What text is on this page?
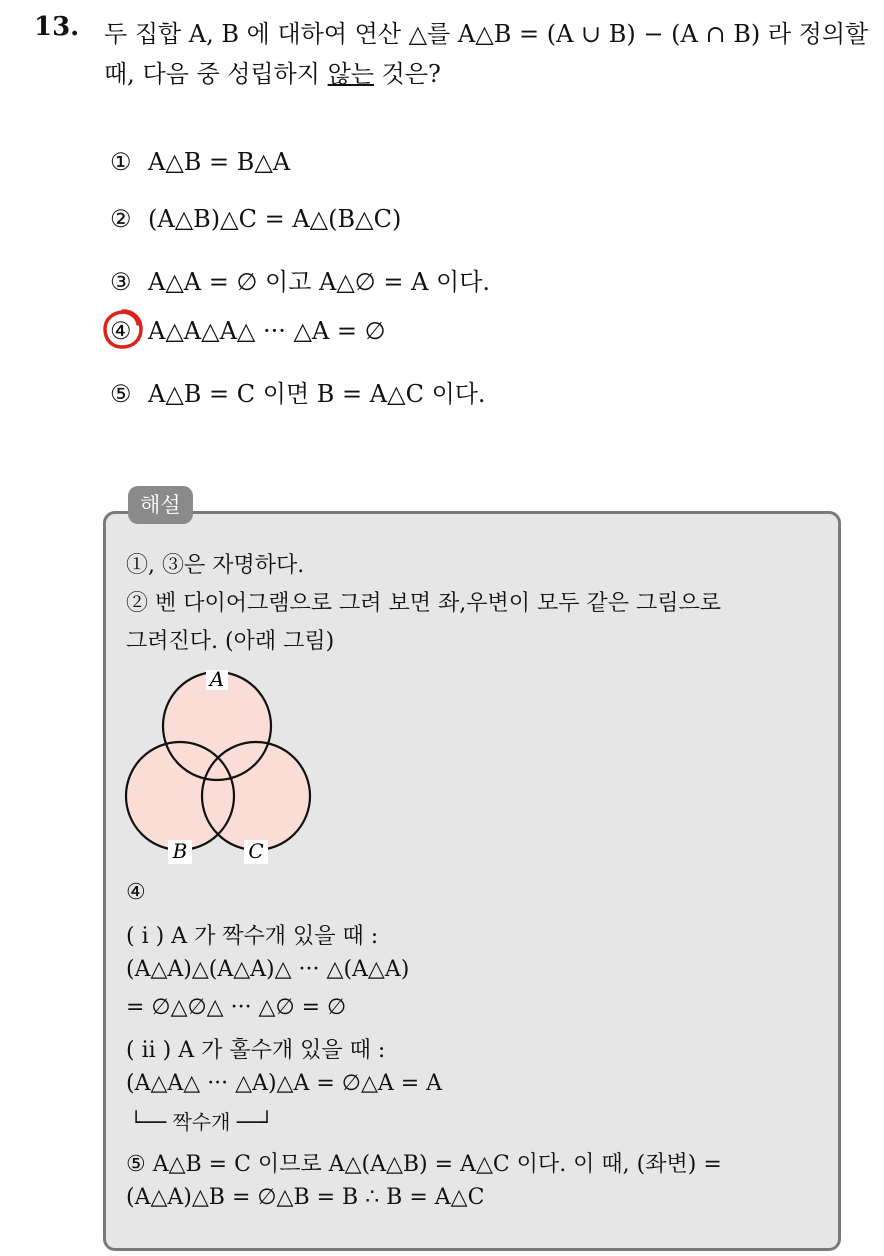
13. 두 집합 A, B 에 대하여 연산 △를 A△B = (A ∪ B) − (A ∩ B) 라 정의할
때, 다음 중 성립하지 않는 것은?
① A△B = B△A
② (A△B)△C = A△(B△C)
③ A△A = ∅ 이고 A△∅ = A 이다.
④ A△A△A△ ··· △A = ∅
⑤ A△B = C 이면 B = A△C 이다.
해설
①, ③은 자명하다.
② 벤 다이어그램으로 그려 보면 좌,우변이 모두 같은 그림으로
그려진다. (아래 그림)
A
B	C
④
( i ) A 가 짝수개 있을 때 :
(A△A)△(A△A)△ ··· △(A△A)
= ∅△∅△ ··· △∅ = ∅
( ii ) A 가 홀수개 있을 때 :
(A△A△ ··· △A)△A = ∅△A = A
└── 짝수개 ──┘
⑤ A△B = C 이므로 A△(A△B) = A△C 이다. 이 때, (좌변) =
(A△A)△B = ∅△B = B ∴ B = A△C
